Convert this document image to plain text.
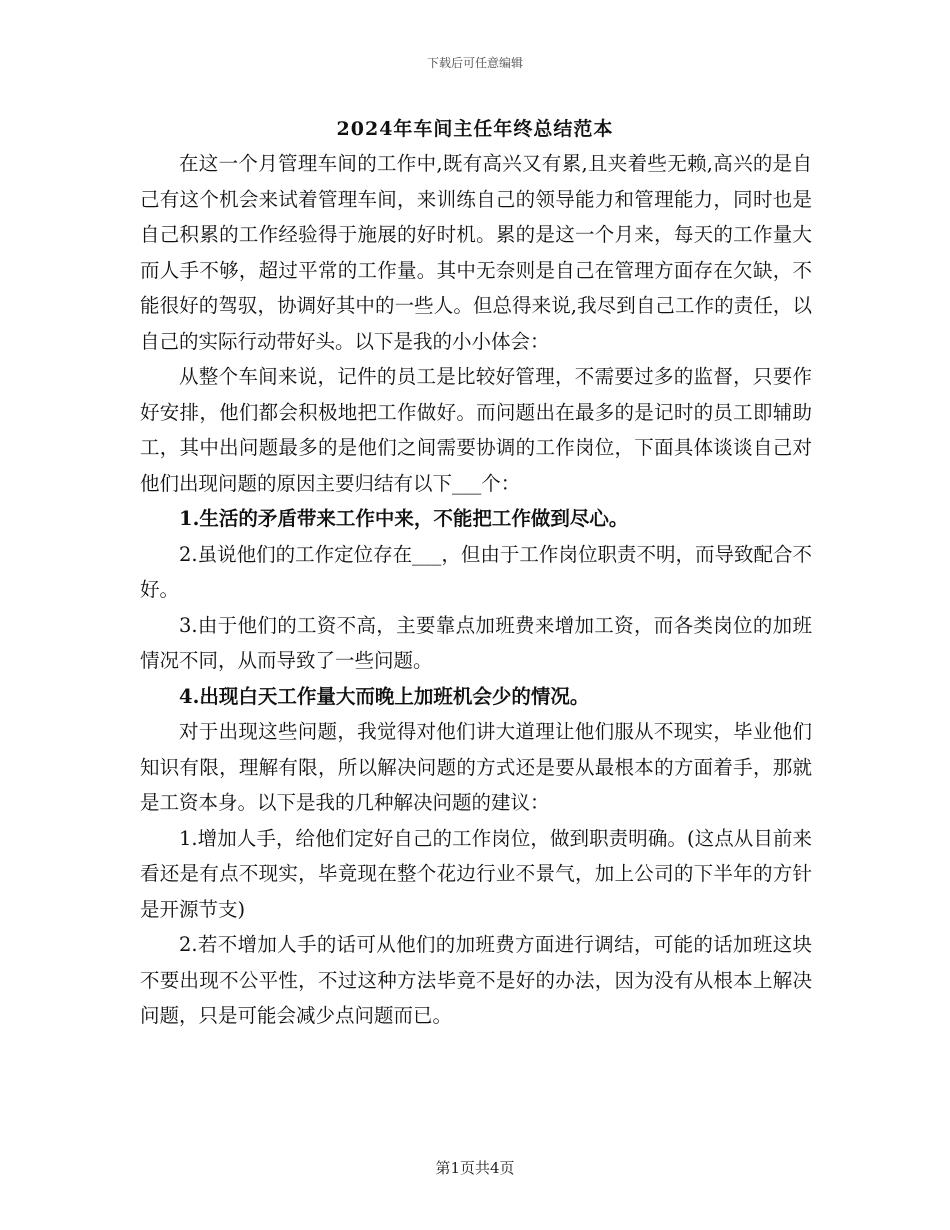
下载后可任意编辑
2024年车间主任年终总结范本

在这一个月管理车间的工作中,既有高兴又有累,且夹着些无赖,高兴的是自己有这个机会来试着管理车间，来训练自己的领导能力和管理能力，同时也是自己积累的工作经验得于施展的好时机。累的是这一个月来，每天的工作量大而人手不够，超过平常的工作量。其中无奈则是自己在管理方面存在欠缺，不能很好的驾驭，协调好其中的一些人。但总得来说,我尽到自己工作的责任，以自己的实际行动带好头。以下是我的小小体会：

从整个车间来说，记件的员工是比较好管理，不需要过多的监督，只要作好安排，他们都会积极地把工作做好。而问题出在最多的是记时的员工即辅助工，其中出问题最多的是他们之间需要协调的工作岗位，下面具体谈谈自己对他们出现问题的原因主要归结有以下___个：

1.生活的矛盾带来工作中来，不能把工作做到尽心。

2.虽说他们的工作定位存在___，但由于工作岗位职责不明，而导致配合不好。

3.由于他们的工资不高，主要靠点加班费来增加工资，而各类岗位的加班情况不同，从而导致了一些问题。

4.出现白天工作量大而晚上加班机会少的情况。

对于出现这些问题，我觉得对他们讲大道理让他们服从不现实，毕业他们知识有限，理解有限，所以解决问题的方式还是要从最根本的方面着手，那就是工资本身。以下是我的几种解决问题的建议：

1.增加人手，给他们定好自己的工作岗位，做到职责明确。(这点从目前来看还是有点不现实，毕竟现在整个花边行业不景气，加上公司的下半年的方针是开源节支)

2.若不增加人手的话可从他们的加班费方面进行调结，可能的话加班这块不要出现不公平性，不过这种方法毕竟不是好的办法，因为没有从根本上解决问题，只是可能会减少点问题而已。

第1页共4页
